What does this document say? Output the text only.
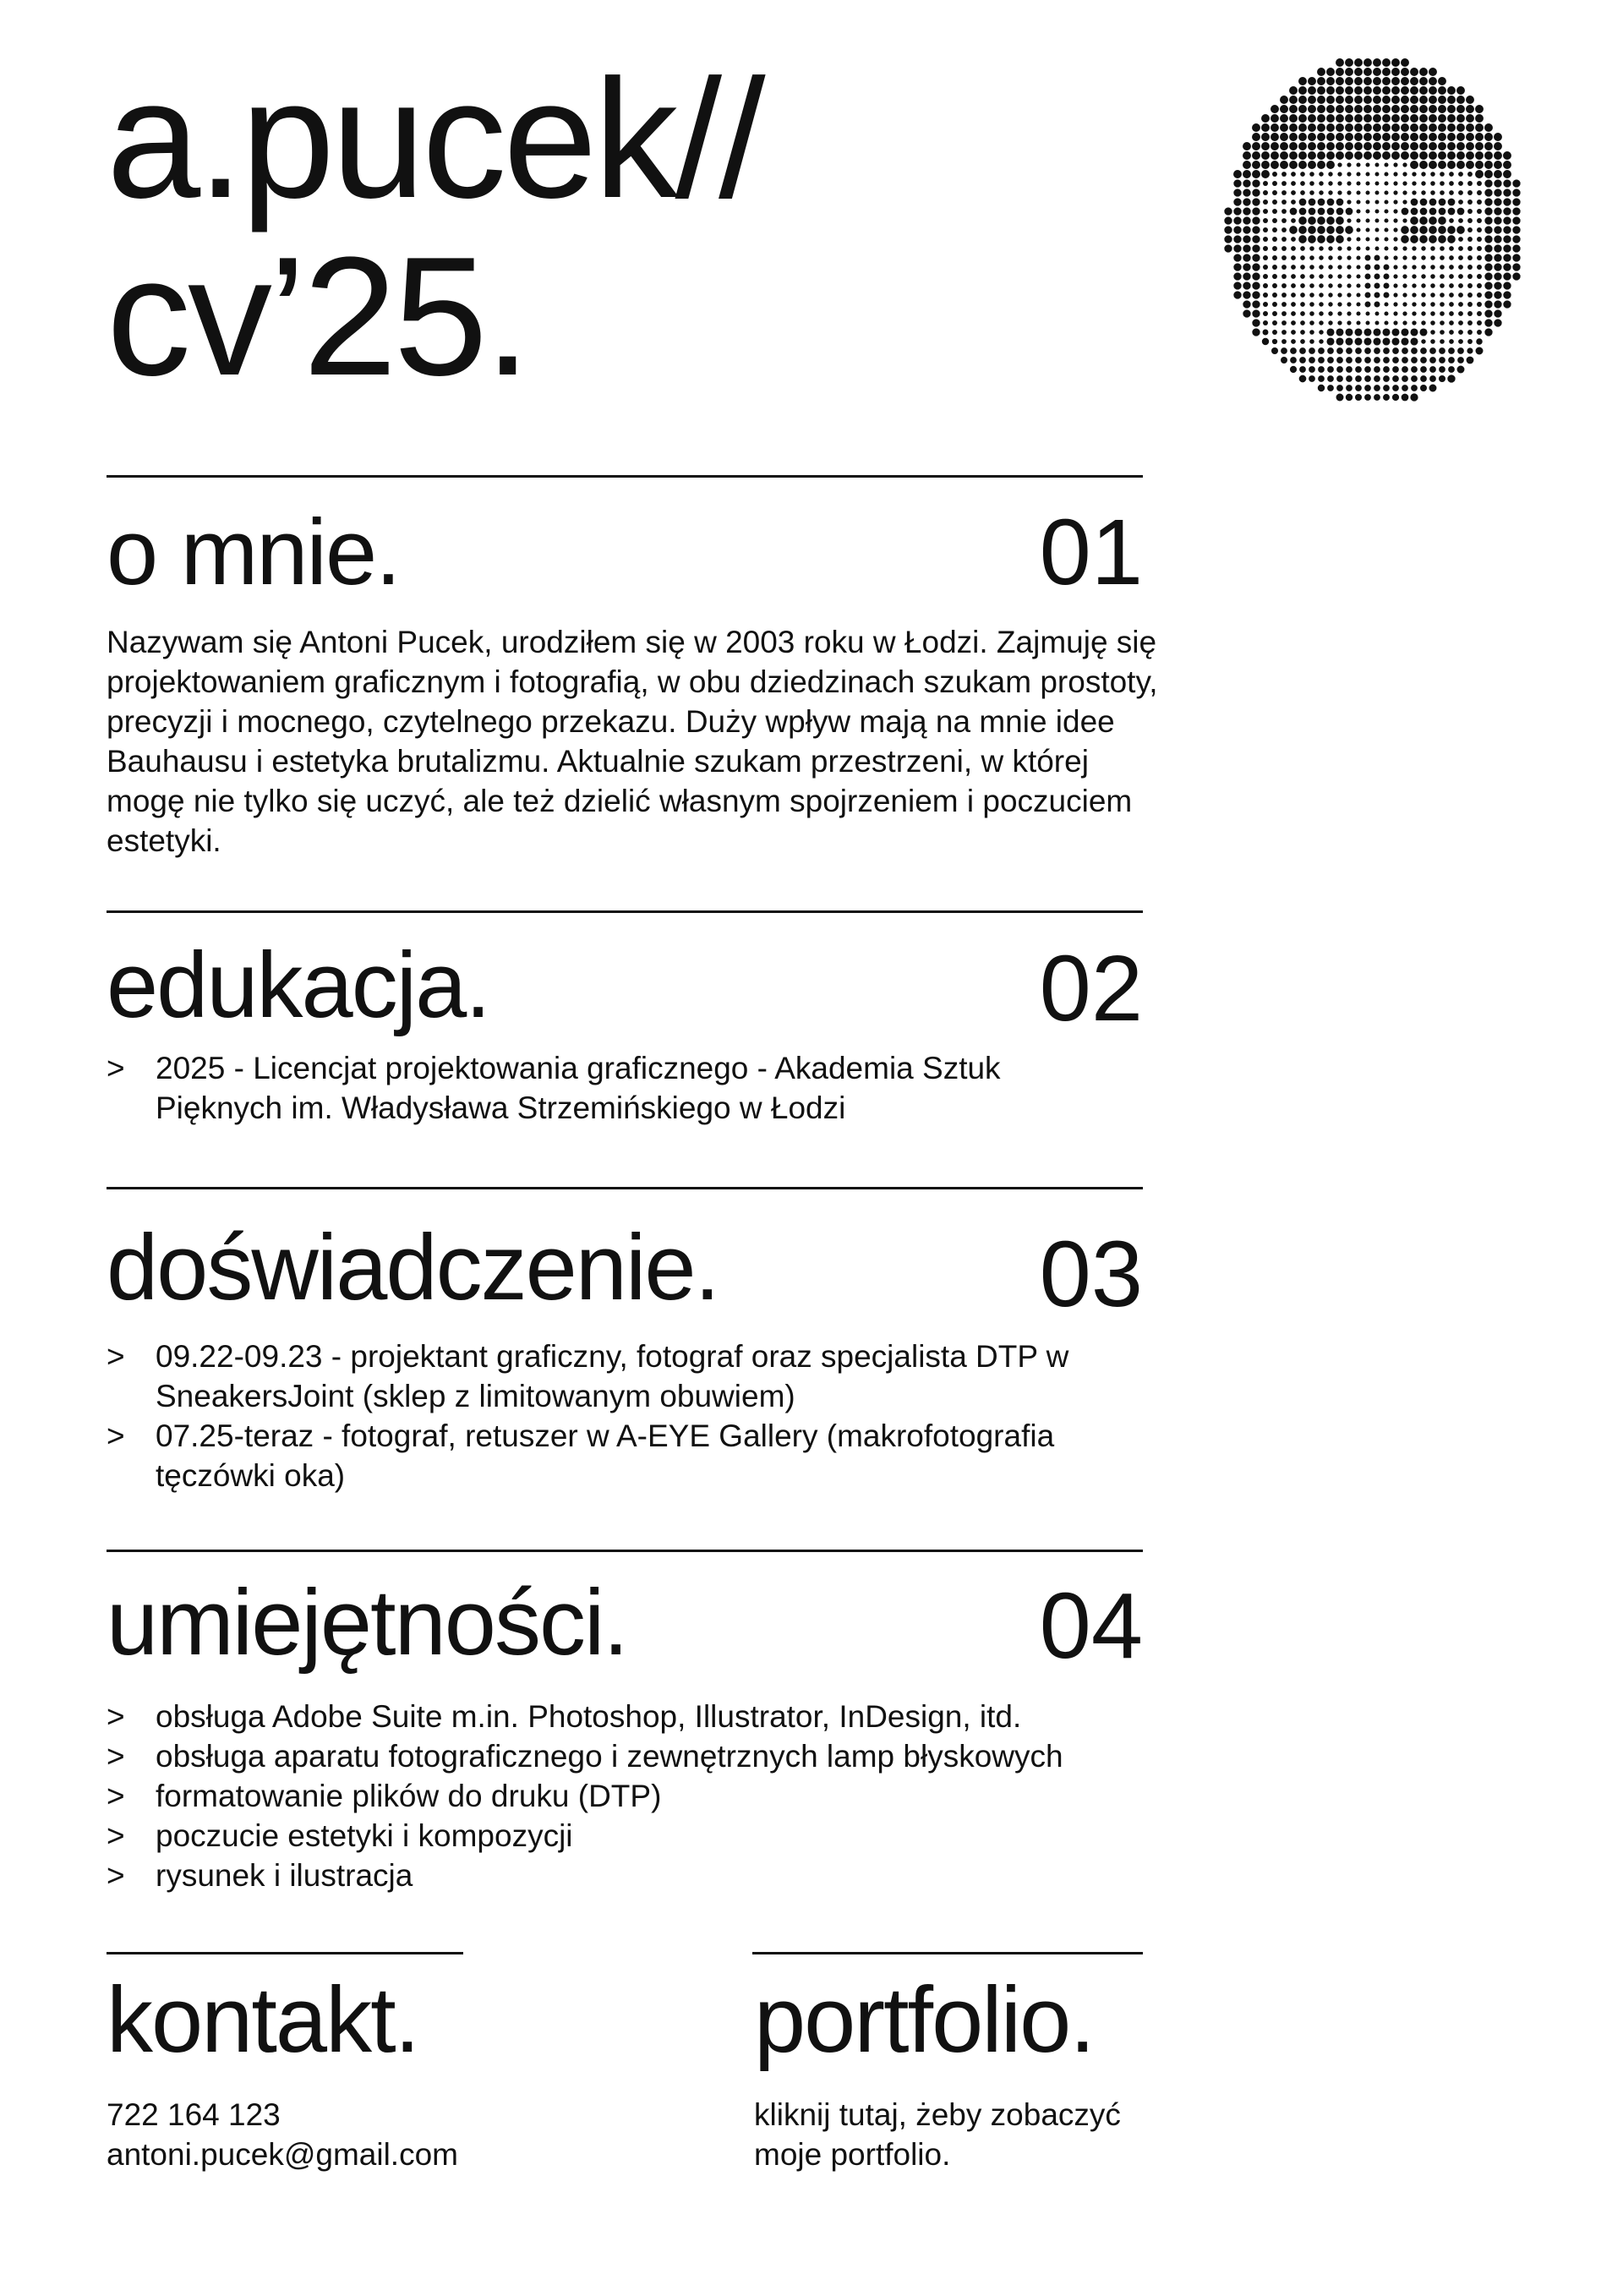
a.pucek//
cv’25.
o mnie.	01
Nazywam się Antoni Pucek, urodziłem się w 2003 roku w Łodzi. Zajmuję się projektowaniem graficznym i fotografią, w obu dziedzinach szukam prostoty, precyzji i mocnego, czytelnego przekazu. Duży wpływ mają na mnie idee Bauhausu i estetyka brutalizmu. Aktualnie szukam przestrzeni, w której mogę nie tylko się uczyć, ale też dzielić własnym spojrzeniem i poczuciem estetyki.
edukacja.	02
> 2025 - Licencjat projektowania graficznego - Akademia Sztuk Pięknych im. Władysława Strzemińskiego w Łodzi
doświadczenie.	03
> 09.22-09.23 - projektant graficzny, fotograf oraz specjalista DTP w SneakersJoint (sklep z limitowanym obuwiem)
> 07.25-teraz - fotograf, retuszer w A-EYE Gallery (makrofotografia tęczówki oka)
umiejętności.	04
> obsługa Adobe Suite m.in. Photoshop, Illustrator, InDesign, itd.
> obsługa aparatu fotograficznego i zewnętrznych lamp błyskowych
> formatowanie plików do druku (DTP)
> poczucie estetyki i kompozycji
> rysunek i ilustracja
kontakt.
722 164 123
antoni.pucek@gmail.com
portfolio.
kliknij tutaj, żeby zobaczyć
moje portfolio.
